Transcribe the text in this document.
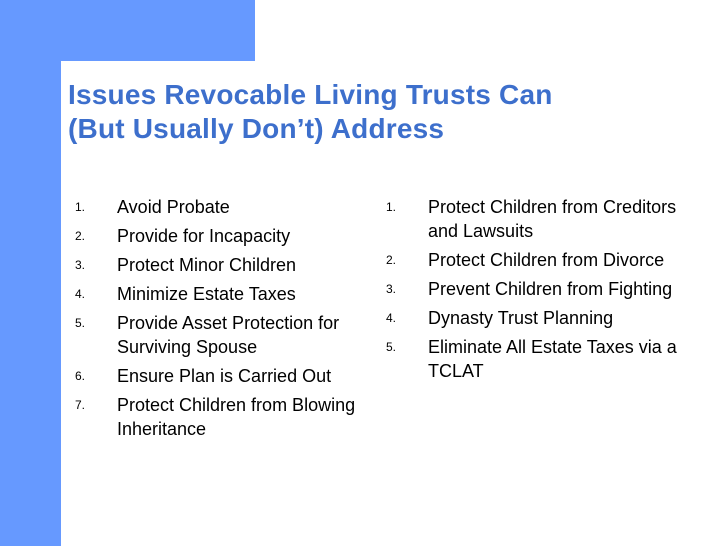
Issues Revocable Living Trusts Can
(But Usually Don’t) Address
1. Avoid Probate
2. Provide for Incapacity
3. Protect Minor Children
4. Minimize Estate Taxes
5. Provide Asset Protection for Surviving Spouse
6. Ensure Plan is Carried Out
7. Protect Children from Blowing Inheritance
1. Protect Children from Creditors and Lawsuits
2. Protect Children from Divorce
3. Prevent Children from Fighting
4. Dynasty Trust Planning
5. Eliminate All Estate Taxes via a TCLAT
